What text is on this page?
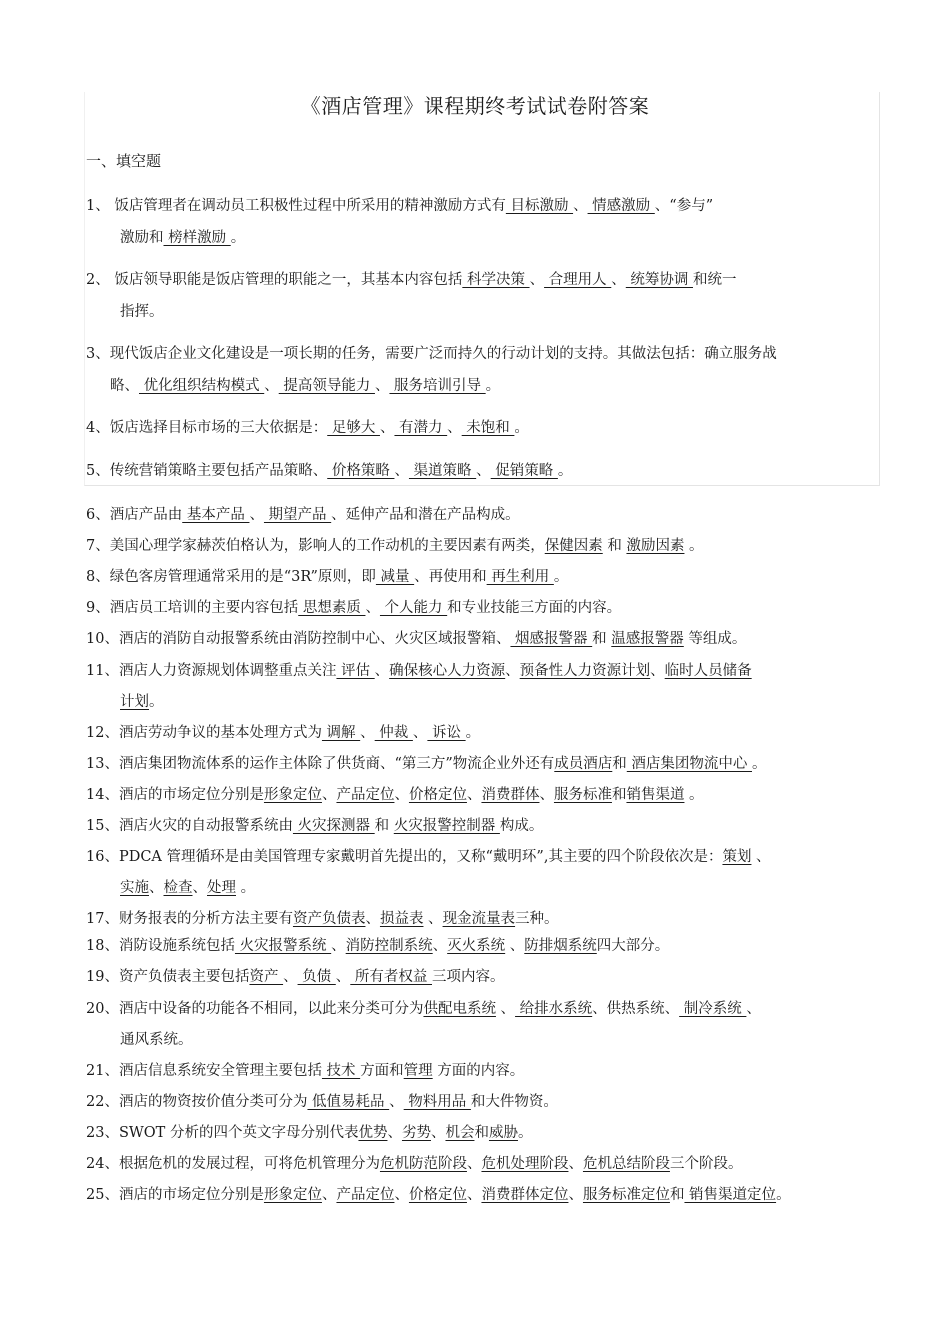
《酒店管理》课程期终考试试卷附答案
一、填空题
1、 饭店管理者在调动员工积极性过程中所采用的精神激励方式有 目标激励 、 情感激励 、“参与”
激励和 榜样激励 。
2、 饭店领导职能是饭店管理的职能之一，其基本内容包括 科学决策 、 合理用人 、 统筹协调 和统一
指挥。
3、现代饭店企业文化建设是一项长期的任务，需要广泛而持久的行动计划的支持。其做法包括：确立服务战
略、 优化组织结构模式 、 提高领导能力 、 服务培训引导 。
4、饭店选择目标市场的三大依据是： 足够大 、 有潜力 、 未饱和 。
5、传统营销策略主要包括产品策略、 价格策略 、 渠道策略 、 促销策略 。
6、酒店产品由 基本产品 、 期望产品 、延伸产品和潜在产品构成。
7、美国心理学家赫茨伯格认为，影响人的工作动机的主要因素有两类，保健因素 和 激励因素 。
8、绿色客房管理通常采用的是“3R”原则，即 减量 、再使用和 再生利用 。
9、酒店员工培训的主要内容包括 思想素质 、 个人能力 和专业技能三方面的内容。
10、酒店的消防自动报警系统由消防控制中心、火灾区域报警箱、 烟感报警器 和 温感报警器 等组成。
11、酒店人力资源规划体调整重点关注 评估 、确保核心人力资源、预备性人力资源计划、临时人员储备
计划。
12、酒店劳动争议的基本处理方式为 调解 、 仲裁 、 诉讼 。
13、酒店集团物流体系的运作主体除了供货商、“第三方”物流企业外还有成员酒店和 酒店集团物流中心 。
14、酒店的市场定位分别是形象定位、产品定位、价格定位、消费群体、服务标准和销售渠道 。
15、酒店火灾的自动报警系统由 火灾探测器 和 火灾报警控制器 构成。
16、PDCA 管理循环是由美国管理专家戴明首先提出的，又称“戴明环”,其主要的四个阶段依次是：策划 、
实施、检查、处理 。
17、财务报表的分析方法主要有资产负债表、损益表 、现金流量表三种。
18、消防设施系统包括 火灾报警系统 、消防控制系统、灭火系统 、防排烟系统四大部分。
19、资产负债表主要包括资产 、 负债 、 所有者权益 三项内容。
20、酒店中设备的功能各不相同，以此来分类可分为供配电系统 、 给排水系统、供热系统、 制冷系统 、
通风系统。
21、酒店信息系统安全管理主要包括 技术 方面和管理 方面的内容。
22、酒店的物资按价值分类可分为 低值易耗品 、 物料用品 和大件物资。
23、SWOT 分析的四个英文字母分别代表优势、劣势、机会和威胁。
24、根据危机的发展过程，可将危机管理分为危机防范阶段、危机处理阶段、危机总结阶段三个阶段。
25、酒店的市场定位分别是形象定位、产品定位、价格定位、消费群体定位、服务标准定位和 销售渠道定位。
